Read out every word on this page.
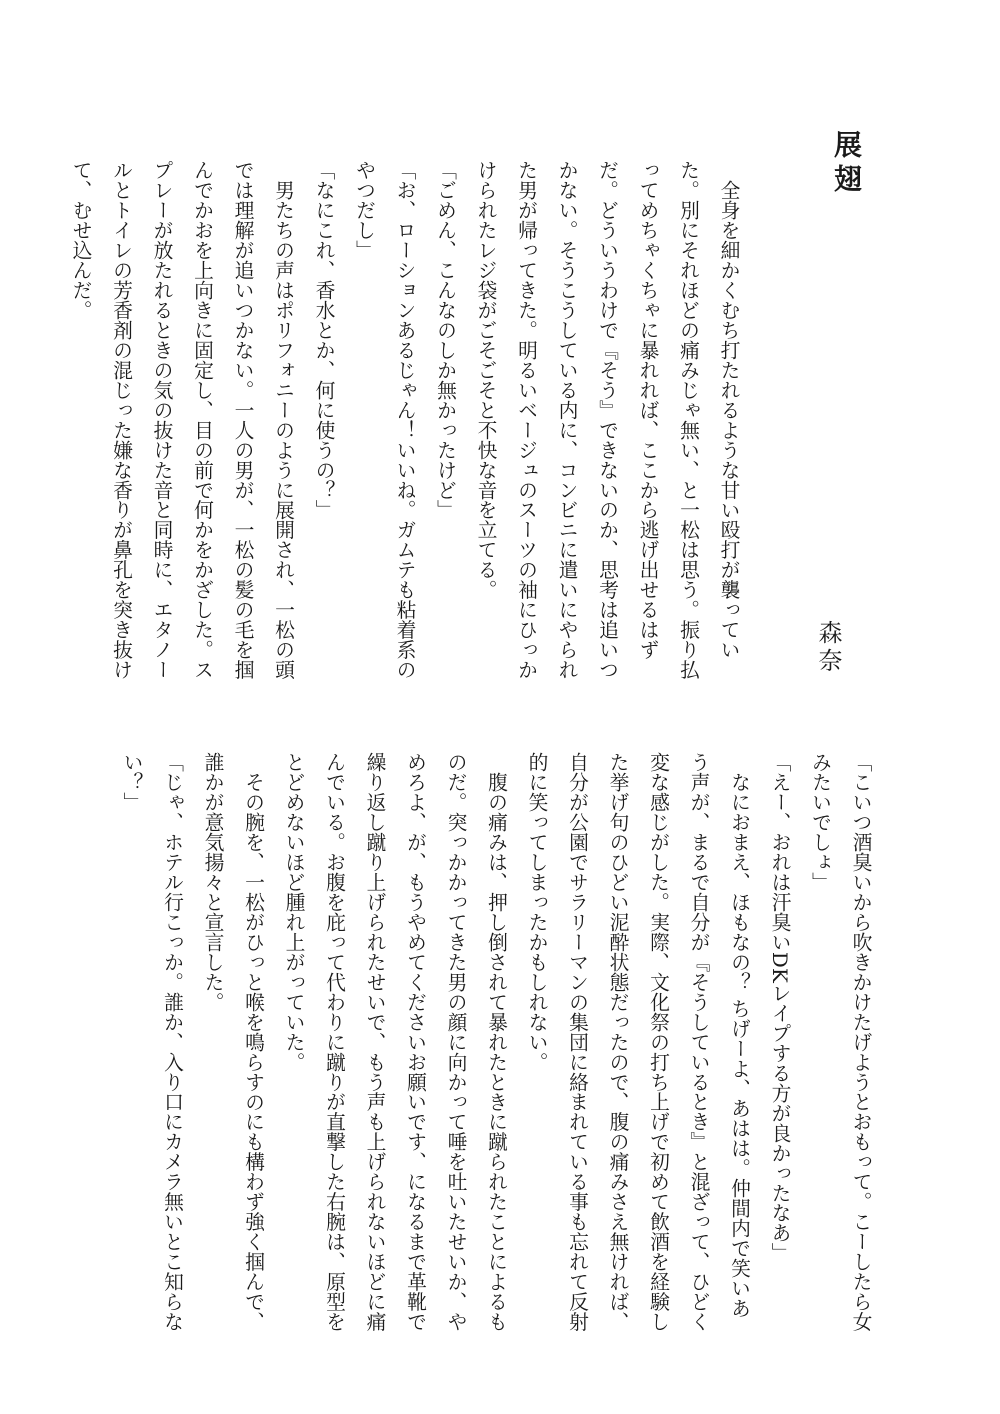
展翅
森奈

全身を細かくむち打たれるような甘い殴打が襲っていた。別にそれほどの痛みじゃ無い、と一松は思う。振り払ってめちゃくちゃに暴れれば、ここから逃げ出せるはずだ。どういうわけで『そう』できないのか、思考は追いつかない。そうこうしている内に、コンビニに遣いにやられた男が帰ってきた。明るいベージュのスーツの袖にひっかけられたレジ袋がごそごそと不快な音を立てる。

「ごめん、こんなのしか無かったけど」

「お、ローションあるじゃん！いいね。ガムテも粘着系のやつだし」

「なにこれ、香水とか、何に使うの？」

男たちの声はポリフォニーのように展開され、一松の頭では理解が追いつかない。一人の男が、一松の髪の毛を掴んでかおを上向きに固定し、目の前で何かをかざした。スプレーが放たれるときの気の抜けた音と同時に、エタノールとトイレの芳香剤の混じった嫌な香りが鼻孔を突き抜けて、むせ込んだ。

「こいつ酒臭いから吹きかけたげようとおもって。こーしたら女みたいでしょ」

「えー、おれは汗臭いDKレイプする方が良かったなあ」

なにおまえ、ほもなの？ ちげーよ、あはは。仲間内で笑いあう声が、まるで自分が『そうしているとき』と混ざって、ひどく変な感じがした。実際、文化祭の打ち上げで初めて飲酒を経験した挙げ句のひどい泥酔状態だったので、腹の痛みさえ無ければ、自分が公園でサラリーマンの集団に絡まれている事も忘れて反射的に笑ってしまったかもしれない。

腹の痛みは、押し倒されて暴れたときに蹴られたことによるものだ。突っかかってきた男の顔に向かって唾を吐いたせいか、やめろよ、が、もうやめてくださいお願いです、になるまで革靴で繰り返し蹴り上げられたせいで、もう声も上げられないほどに痛んでいる。お腹を庇って代わりに蹴りが直撃した右腕は、原型をとどめないほど腫れ上がっていた。

その腕を、一松がひっと喉を鳴らすのにも構わず強く掴んで、誰かが意気揚々と宣言した。

「じゃ、ホテル行こっか。誰か、入り口にカメラ無いとこ知らない？」
